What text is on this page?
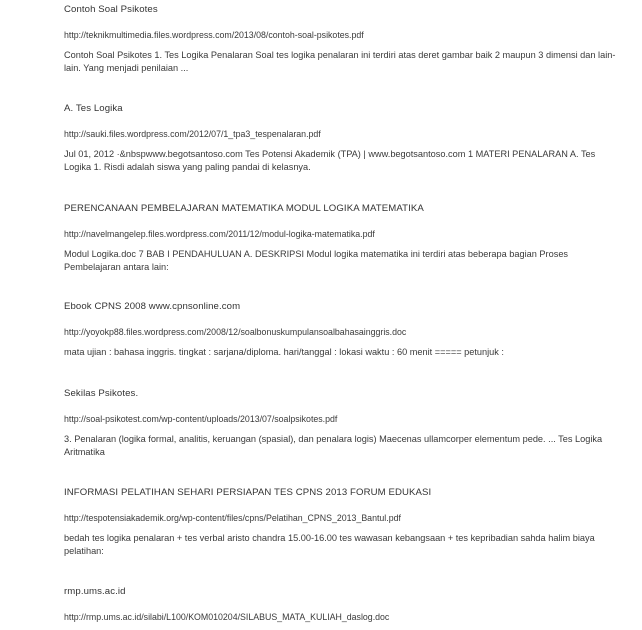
Contoh Soal Psikotes
http://teknikmultimedia.files.wordpress.com/2013/08/contoh-soal-psikotes.pdf
Contoh Soal Psikotes 1. Tes Logika Penalaran Soal tes logika penalaran ini terdiri atas deret gambar baik 2 maupun 3 dimensi dan lain-lain. Yang menjadi penilaian ...
A. Tes Logika
http://sauki.files.wordpress.com/2012/07/1_tpa3_tespenalaran.pdf
Jul 01, 2012 ·&nbspwww.begotsantoso.com Tes Potensi Akademik (TPA) | www.begotsantoso.com 1 MATERI PENALARAN A. Tes Logika 1. Risdi adalah siswa yang paling pandai di kelasnya.
PERENCANAAN PEMBELAJARAN MATEMATIKA MODUL LOGIKA MATEMATIKA
http://navelmangelep.files.wordpress.com/2011/12/modul-logika-matematika.pdf
Modul Logika.doc 7 BAB I PENDAHULUAN A. DESKRIPSI Modul logika matematika ini terdiri atas beberapa bagian Proses Pembelajaran antara lain:
Ebook CPNS 2008 www.cpnsonline.com
http://yoyokp88.files.wordpress.com/2008/12/soalbonuskumpulansoalbahasainggris.doc
mata ujian : bahasa inggris. tingkat : sarjana/diploma. hari/tanggal : lokasi waktu : 60 menit ===== petunjuk :
Sekilas Psikotes.
http://soal-psikotest.com/wp-content/uploads/2013/07/soalpsikotes.pdf
3. Penalaran (logika formal, analitis, keruangan (spasial), dan penalara logis) Maecenas ullamcorper elementum pede. ... Tes Logika Aritmatika
INFORMASI PELATIHAN SEHARI PERSIAPAN TES CPNS 2013 FORUM EDUKASI
http://tespotensiakademik.org/wp-content/files/cpns/Pelatihan_CPNS_2013_Bantul.pdf
bedah tes logika penalaran + tes verbal aristo chandra 15.00-16.00 tes wawasan kebangsaan + tes kepribadian sahda halim biaya pelatihan:
rmp.ums.ac.id
http://rmp.ums.ac.id/silabi/L100/KOM010204/SILABUS_MATA_KULIAH_daslog.doc
